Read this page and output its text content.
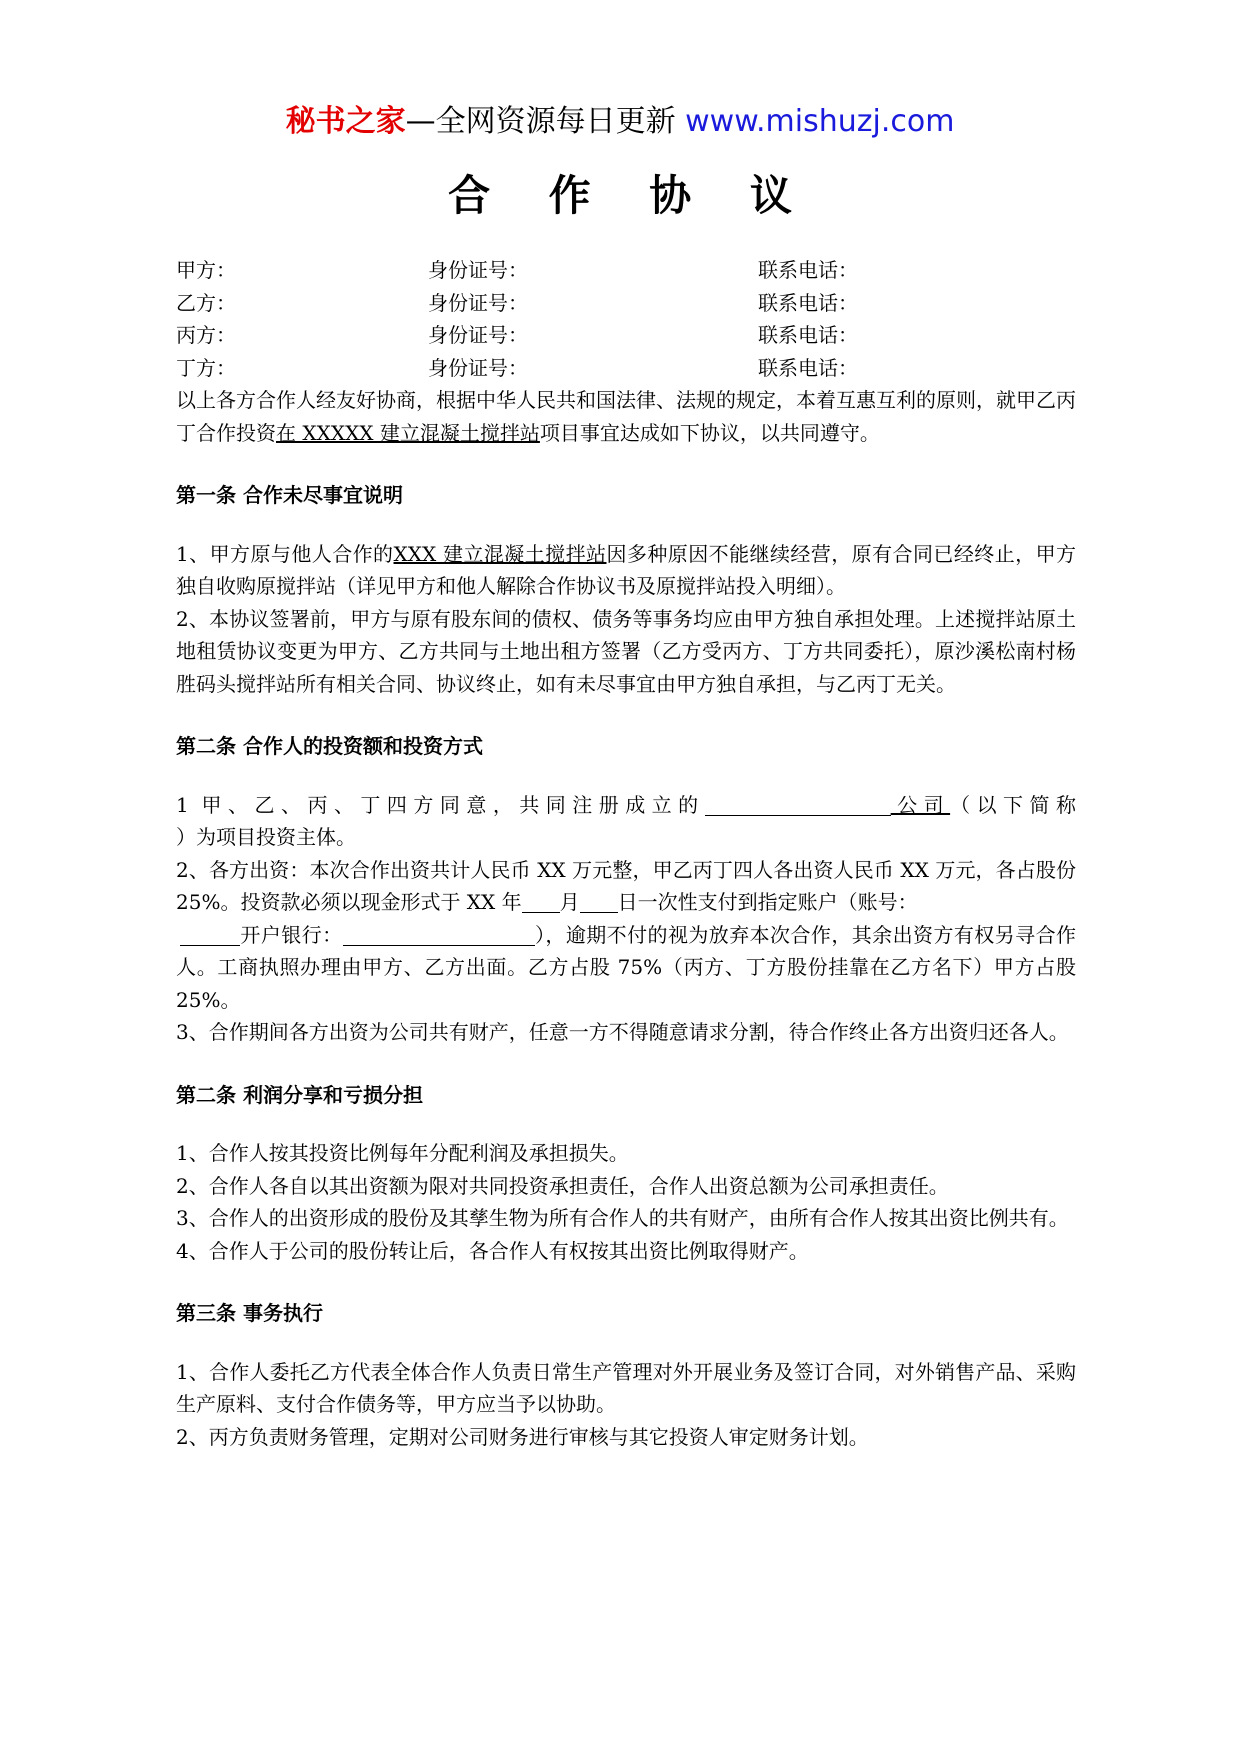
秘书之家—全网资源每日更新 www.mishuzj.com
合 作 协 议
甲方：	身份证号：	联系电话：
乙方：	身份证号：	联系电话：
丙方：	身份证号：	联系电话：
丁方：	身份证号：	联系电话：

以上各方合作人经友好协商，根据中华人民共和国法律、法规的规定，本着互惠互利的原则，就甲乙丙丁合作投资在 XXXXX 建立混凝土搅拌站项目事宜达成如下协议，以共同遵守。

第一条 合作未尽事宜说明

1、甲方原与他人合作的XXX 建立混凝土搅拌站因多种原因不能继续经营，原有合同已经终止，甲方独自收购原搅拌站（详见甲方和他人解除合作协议书及原搅拌站投入明细）。

2、本协议签署前，甲方与原有股东间的债权、债务等事务均应由甲方独自承担处理。上述搅拌站原土地租赁协议变更为甲方、乙方共同与土地出租方签署（乙方受丙方、丁方共同委托），原沙溪松南村杨胜码头搅拌站所有相关合同、协议终止，如有未尽事宜由甲方独自承担，与乙丙丁无关。

第二条 合作人的投资额和投资方式

1 甲、乙、丙、丁四方同意，共同注册成立的	公司（以下简称

）为项目投资主体。

2、各方出资：本次合作出资共计人民币 XX 万元整，甲乙丙丁四人各出资人民币 XX 万元，各占股份 25%。投资款必须以现金形式于 XX 年 月 日一次性支付到指定账户（账号：
开户银行：	），逾期不付的视为放弃本次合作，其余出资方有权另寻合作人。工商执照办理由甲方、乙方出面。乙方占股 75%（丙方、丁方股份挂靠在乙方名下）甲方占股 25%。

3、合作期间各方出资为公司共有财产，任意一方不得随意请求分割，待合作终止各方出资归还各人。

第二条 利润分享和亏损分担

1、合作人按其投资比例每年分配利润及承担损失。

2、合作人各自以其出资额为限对共同投资承担责任，合作人出资总额为公司承担责任。

3、合作人的出资形成的股份及其孳生物为所有合作人的共有财产，由所有合作人按其出资比例共有。

4、合作人于公司的股份转让后，各合作人有权按其出资比例取得财产。

第三条 事务执行

1、合作人委托乙方代表全体合作人负责日常生产管理对外开展业务及签订合同，对外销售产品、采购生产原料、支付合作债务等，甲方应当予以协助。

2、丙方负责财务管理，定期对公司财务进行审核与其它投资人审定财务计划。
